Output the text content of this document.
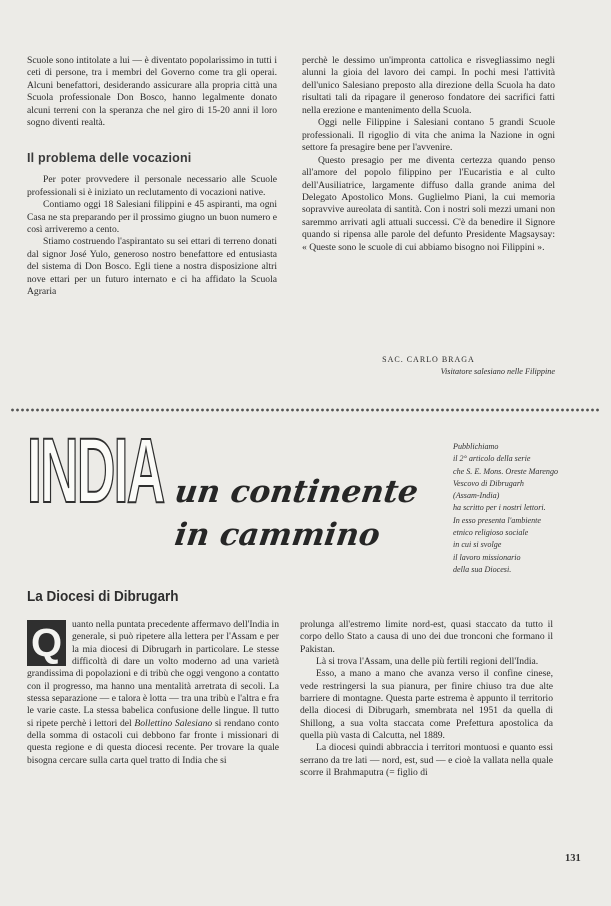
Scuole sono intitolate a lui — è diventato popolarissimo in tutti i ceti di persone, tra i membri del Governo come tra gli operai. Alcuni benefattori, desiderando assicurare alla propria città una Scuola professionale Don Bosco, hanno legalmente donato alcuni terreni con la speranza che nel giro di 15-20 anni il loro sogno diventi realtà.

Il problema delle vocazioni

Per poter provvedere il personale necessario alle Scuole professionali si è iniziato un reclutamento di vocazioni native.

Contiamo oggi 18 Salesiani filippini e 45 aspiranti, ma ogni Casa ne sta preparando per il prossimo giugno un buon numero e così arriveremo a cento.

Stiamo costruendo l'aspirantato su sei ettari di terreno donati dal signor José Yulo, generoso nostro benefattore ed entusiasta del sistema di Don Bosco. Egli tiene a nostra disposizione altri nove ettari per un futuro internato e ci ha affidato la Scuola Agraria

perchè le dessimo un'impronta cattolica e risvegliassimo negli alunni la gioia del lavoro dei campi. In pochi mesi l'attività dell'unico Salesiano preposto alla direzione della Scuola ha dato risultati tali da ripagare il generoso fondatore dei sacrifici fatti nella erezione e mantenimento della Scuola.

Oggi nelle Filippine i Salesiani contano 5 grandi Scuole professionali. Il rigoglio di vita che anima la Nazione in ogni settore fa presagire bene per l'avvenire.

Questo presagio per me diventa certezza quando penso all'amore del popolo filippino per l'Eucaristia e al culto dell'Ausiliatrice, largamente diffuso dalla grande anima del Delegato Apostolico Mons. Guglielmo Piani, la cui memoria sopravvive aureolata di santità. Con i nostri soli mezzi umani non saremmo arrivati agli attuali successi. C'è da benedire il Signore quando si ripensa alle parole del defunto Presidente Magsaysay: « Queste sono le scuole di cui abbiamo bisogno noi Filippini ».

SAC. CARLO BRAGA
Visitatore salesiano nelle Filippine
INDIA un continente
in cammino
Pubblichiamo
il 2° articolo della serie
che S. E. Mons. Oreste Marengo
Vescovo di Dibrugarh
(Assam-India)
ha scritto per i nostri lettori.
In esso presenta l'ambiente
etnico religioso sociale
in cui si svolge
il lavoro missionario
della sua Diocesi.
La Diocesi di Dibrugarh

Q	uanto nella puntata precedente affermavo dell'India in generale, si può ripetere alla lettera per l'Assam e per la mia diocesi di Dibrugarh in particolare. Le stesse difficoltà di dare un volto moderno ad una varietà grandissima di popolazioni e di tribù che oggi vengono a contatto con il progresso, ma hanno una mentalità arretrata di secoli. La stessa separazione — e talora è lotta — tra una tribù e l'altra e fra le varie caste. La stessa babelica confusione delle lingue. Il tutto si ripete perchè i lettori del Bollettino Salesiano si rendano conto della somma di ostacoli cui debbono far fronte i missionari di questa regione e di questa diocesi recente. Per trovare la quale bisogna cercare sulla carta quel tratto di India che si

prolunga all'estremo limite nord-est, quasi staccato da tutto il corpo dello Stato a causa di uno dei due tronconi che formano il Pakistan.

Là si trova l'Assam, una delle più fertili regioni dell'India.

Esso, a mano a mano che avanza verso il confine cinese, vede restringersi la sua pianura, per finire chiuso tra due alte barriere di montagne. Questa parte estrema è appunto il territorio della diocesi di Dibrugarh, smembrata nel 1951 da quella di Shillong, a sua volta staccata come Prefettura apostolica da quella più vasta di Calcutta, nel 1889.

La diocesi quindi abbraccia i territori montuosi e quanto essi serrano da tre lati — nord, est, sud — e cioè la vallata nella quale scorre il Brahmaputra (= figlio di

131
